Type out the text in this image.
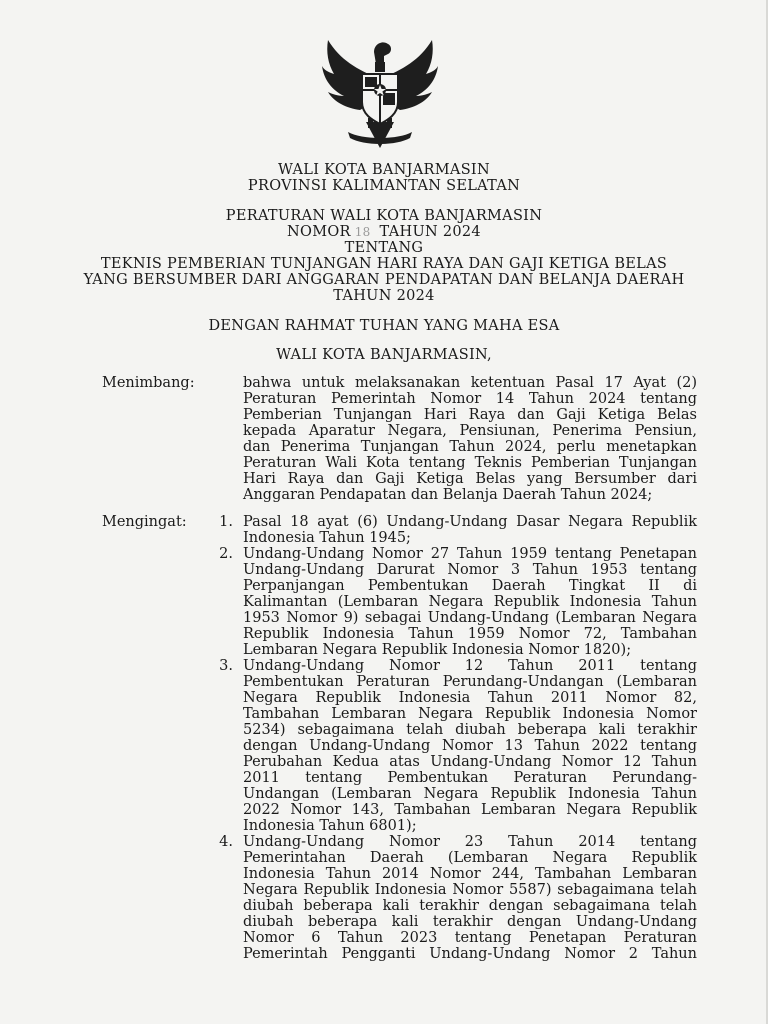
WALI KOTA BANJARMASIN
PROVINSI KALIMANTAN SELATAN
PERATURAN WALI KOTA BANJARMASIN
NOMOR 18 TAHUN 2024
TENTANG
TEKNIS PEMBERIAN TUNJANGAN HARI RAYA DAN GAJI KETIGA BELAS
YANG BERSUMBER DARI ANGGARAN PENDAPATAN DAN BELANJA DAERAH
TAHUN 2024
DENGAN RAHMAT TUHAN YANG MAHA ESA
WALI KOTA BANJARMASIN,
Menimbang:	bahwa untuk melaksanakan ketentuan Pasal 17 Ayat (2)
Peraturan Pemerintah Nomor 14 Tahun 2024 tentang
Pemberian Tunjangan Hari Raya dan Gaji Ketiga Belas
kepada Aparatur Negara, Pensiunan, Penerima Pensiun,
dan Penerima Tunjangan Tahun 2024, perlu menetapkan
Peraturan Wali Kota tentang Teknis Pemberian Tunjangan
Hari Raya dan Gaji Ketiga Belas yang Bersumber dari
Anggaran Pendapatan dan Belanja Daerah Tahun 2024;
Mengingat:	1. Pasal 18 ayat (6) Undang-Undang Dasar Negara Republik
Indonesia Tahun 1945;
2. Undang-Undang Nomor 27 Tahun 1959 tentang Penetapan
Undang-Undang Darurat Nomor 3 Tahun 1953 tentang
Perpanjangan Pembentukan Daerah Tingkat II di
Kalimantan (Lembaran Negara Republik Indonesia Tahun
1953 Nomor 9) sebagai Undang-Undang (Lembaran Negara
Republik Indonesia Tahun 1959 Nomor 72, Tambahan
Lembaran Negara Republik Indonesia Nomor 1820);
3. Undang-Undang Nomor 12 Tahun 2011 tentang
Pembentukan Peraturan Perundang-Undangan (Lembaran
Negara Republik Indonesia Tahun 2011 Nomor 82,
Tambahan Lembaran Negara Republik Indonesia Nomor
5234) sebagaimana telah diubah beberapa kali terakhir
dengan Undang-Undang Nomor 13 Tahun 2022 tentang
Perubahan Kedua atas Undang-Undang Nomor 12 Tahun
2011 tentang Pembentukan Peraturan Perundang-
Undangan (Lembaran Negara Republik Indonesia Tahun
2022 Nomor 143, Tambahan Lembaran Negara Republik
Indonesia Tahun 6801);
4. Undang-Undang Nomor 23 Tahun 2014 tentang
Pemerintahan Daerah (Lembaran Negara Republik
Indonesia Tahun 2014 Nomor 244, Tambahan Lembaran
Negara Republik Indonesia Nomor 5587) sebagaimana telah
diubah beberapa kali terakhir dengan sebagaimana telah
diubah beberapa kali terakhir dengan Undang-Undang
Nomor 6 Tahun 2023 tentang Penetapan Peraturan
Pemerintah Pengganti Undang-Undang Nomor 2 Tahun
